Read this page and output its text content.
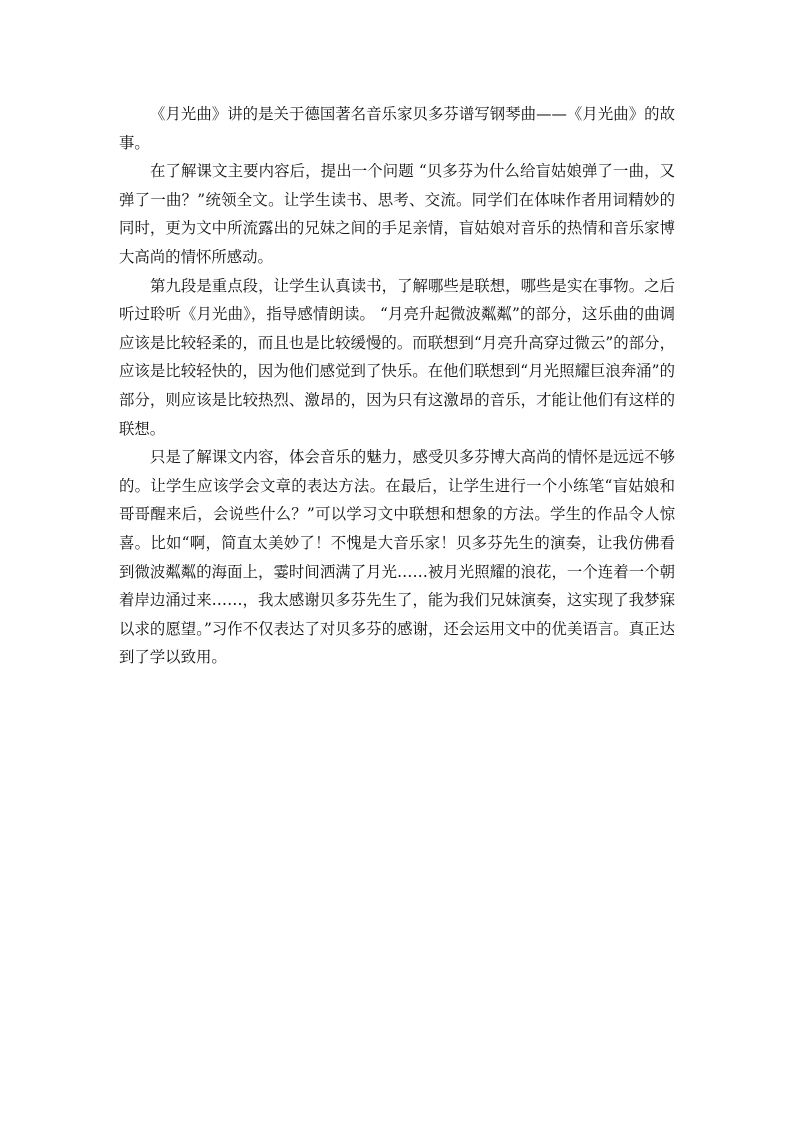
《月光曲》讲的是关于德国著名音乐家贝多芬谱写钢琴曲——《月光曲》的故事。

在了解课文主要内容后，提出一个问题 “贝多芬为什么给盲姑娘弹了一曲，又弹了一曲？”统领全文。让学生读书、思考、交流。同学们在体味作者用词精妙的同时，更为文中所流露出的兄妹之间的手足亲情，盲姑娘对音乐的热情和音乐家博大高尚的情怀所感动。

第九段是重点段，让学生认真读书，了解哪些是联想，哪些是实在事物。之后听过聆听《月光曲》，指导感情朗读。 “月亮升起微波粼粼”的部分，这乐曲的曲调应该是比较轻柔的，而且也是比较缓慢的。而联想到“月亮升高穿过微云”的部分，应该是比较轻快的，因为他们感觉到了快乐。在他们联想到“月光照耀巨浪奔涌”的部分，则应该是比较热烈、激昂的，因为只有这激昂的音乐，才能让他们有这样的联想。

只是了解课文内容，体会音乐的魅力，感受贝多芬博大高尚的情怀是远远不够的。让学生应该学会文章的表达方法。在最后，让学生进行一个小练笔“盲姑娘和哥哥醒来后，会说些什么？”可以学习文中联想和想象的方法。学生的作品令人惊喜。比如“啊，简直太美妙了！不愧是大音乐家！贝多芬先生的演奏，让我仿佛看到微波粼粼的海面上，霎时间洒满了月光……被月光照耀的浪花，一个连着一个朝着岸边涌过来……，我太感谢贝多芬先生了，能为我们兄妹演奏，这实现了我梦寐以求的愿望。”习作不仅表达了对贝多芬的感谢，还会运用文中的优美语言。真正达到了学以致用。
